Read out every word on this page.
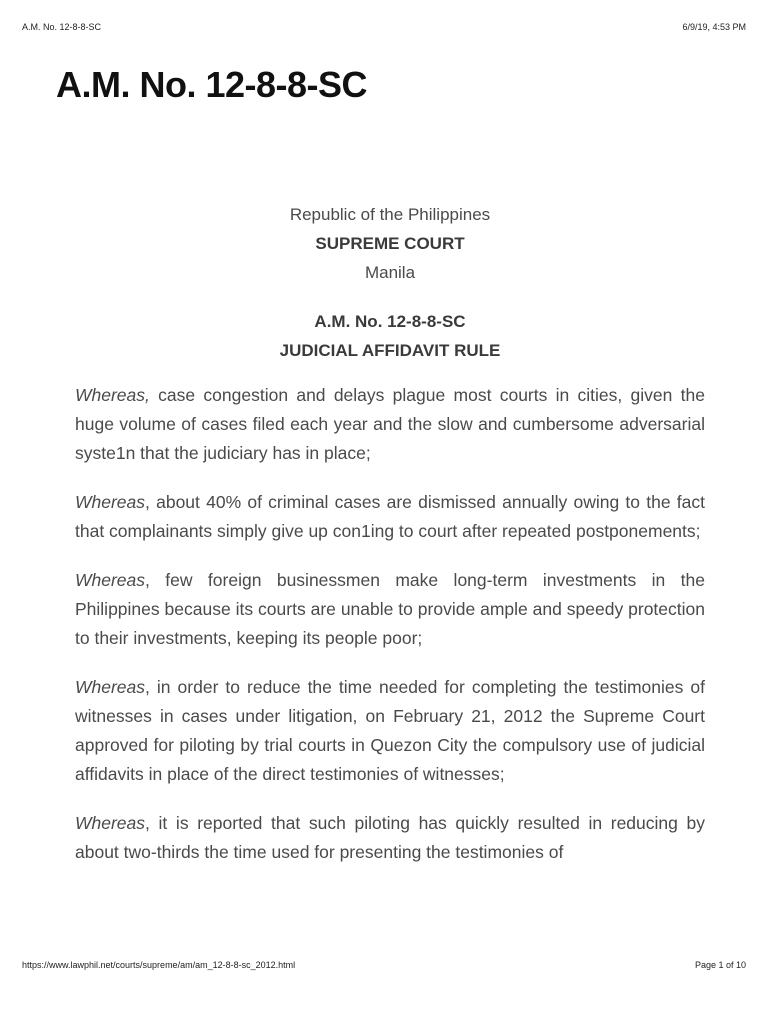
A.M. No. 12-8-8-SC	6/9/19, 4:53 PM
A.M. No. 12-8-8-SC
Republic of the Philippines
SUPREME COURT
Manila
A.M. No. 12-8-8-SC
JUDICIAL AFFIDAVIT RULE

Whereas, case congestion and delays plague most courts in cities, given the huge volume of cases filed each year and the slow and cumbersome adversarial syste1n that the judiciary has in place;

Whereas, about 40% of criminal cases are dismissed annually owing to the fact that complainants simply give up con1ing to court after repeated postponements;

Whereas, few foreign businessmen make long-term investments in the Philippines because its courts are unable to provide ample and speedy protection to their investments, keeping its people poor;

Whereas, in order to reduce the time needed for completing the testimonies of witnesses in cases under litigation, on February 21, 2012 the Supreme Court approved for piloting by trial courts in Quezon City the compulsory use of judicial affidavits in place of the direct testimonies of witnesses;

Whereas, it is reported that such piloting has quickly resulted in reducing by about two-thirds the time used for presenting the testimonies of

https://www.lawphil.net/courts/supreme/am/am_12-8-8-sc_2012.html	Page 1 of 10
